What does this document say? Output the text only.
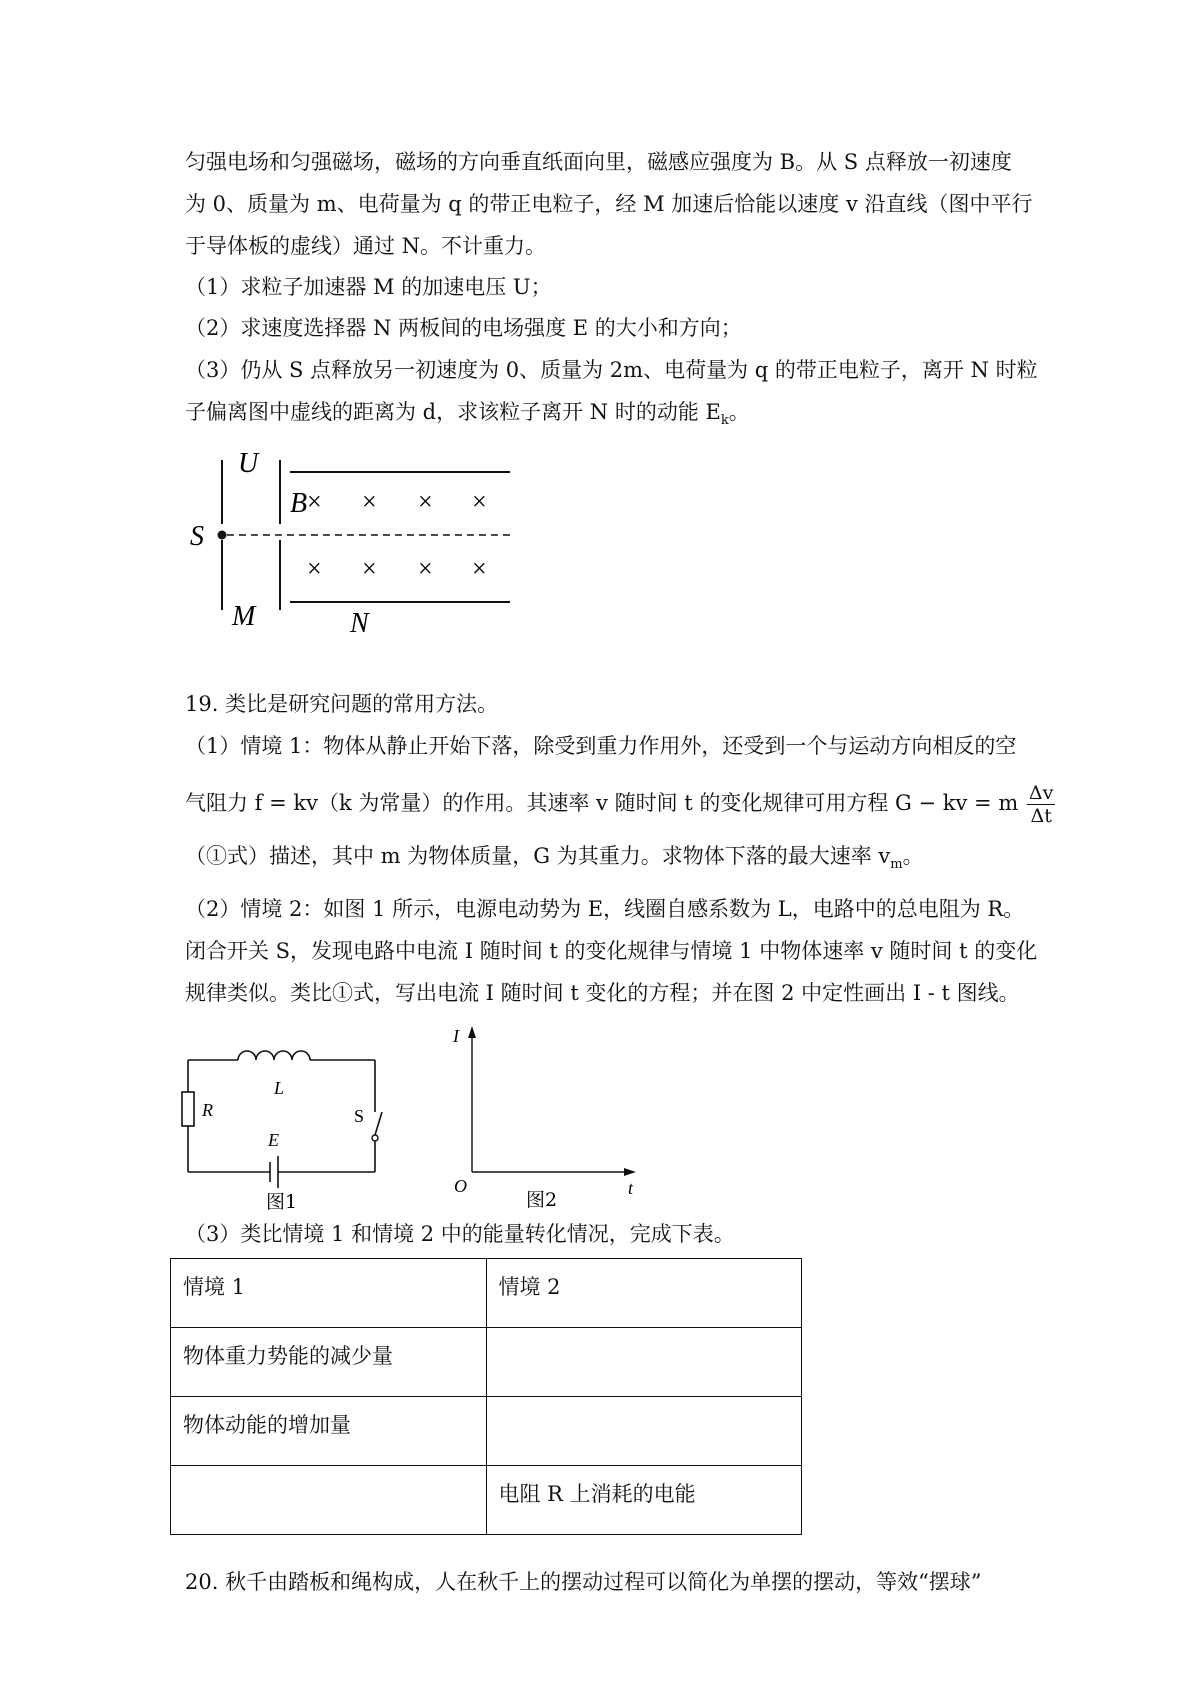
匀强电场和匀强磁场，磁场的方向垂直纸面向里，磁感应强度为 B。从 S 点释放一初速度
为 0、质量为 m、电荷量为 q 的带正电粒子，经 M 加速后恰能以速度 v 沿直线（图中平行
于导体板的虚线）通过 N。不计重力。
（1）求粒子加速器 M 的加速电压 U；
（2）求速度选择器 N 两板间的电场强度 E 的大小和方向；
（3）仍从 S 点释放另一初速度为 0、质量为 2m、电荷量为 q 的带正电粒子，离开 N 时粒
子偏离图中虚线的距离为 d，求该粒子离开 N 时的动能 $E_k$。
U
B
S
M	N
× × × ×
× × × ×
19. 类比是研究问题的常用方法。
（1）情境 1：物体从静止开始下落，除受到重力作用外，还受到一个与运动方向相反的空
气阻力 f = kv（k 为常量）的作用。其速率 v 随时间 t 的变化规律可用方程 G − kv = m $\frac{\Delta v}{\Delta t}$
（①式）描述，其中 m 为物体质量，G 为其重力。求物体下落的最大速率 $v_m$。
（2）情境 2：如图 1 所示，电源电动势为 E，线圈自感系数为 L，电路中的总电阻为 R。
闭合开关 S，发现电路中电流 I 随时间 t 的变化规律与情境 1 中物体速率 v 随时间 t 的变化
规律类似。类比①式，写出电流 I 随时间 t 变化的方程；并在图 2 中定性画出 I - t 图线。
L
R	S
E
图1
I
O	t
图2
（3）类比情境 1 和情境 2 中的能量转化情况，完成下表。
情境 1	情境 2
物体重力势能的减少量	
物体动能的增加量	
	电阻 R 上消耗的电能
20. 秋千由踏板和绳构成，人在秋千上的摆动过程可以简化为单摆的摆动，等效“摆球”
